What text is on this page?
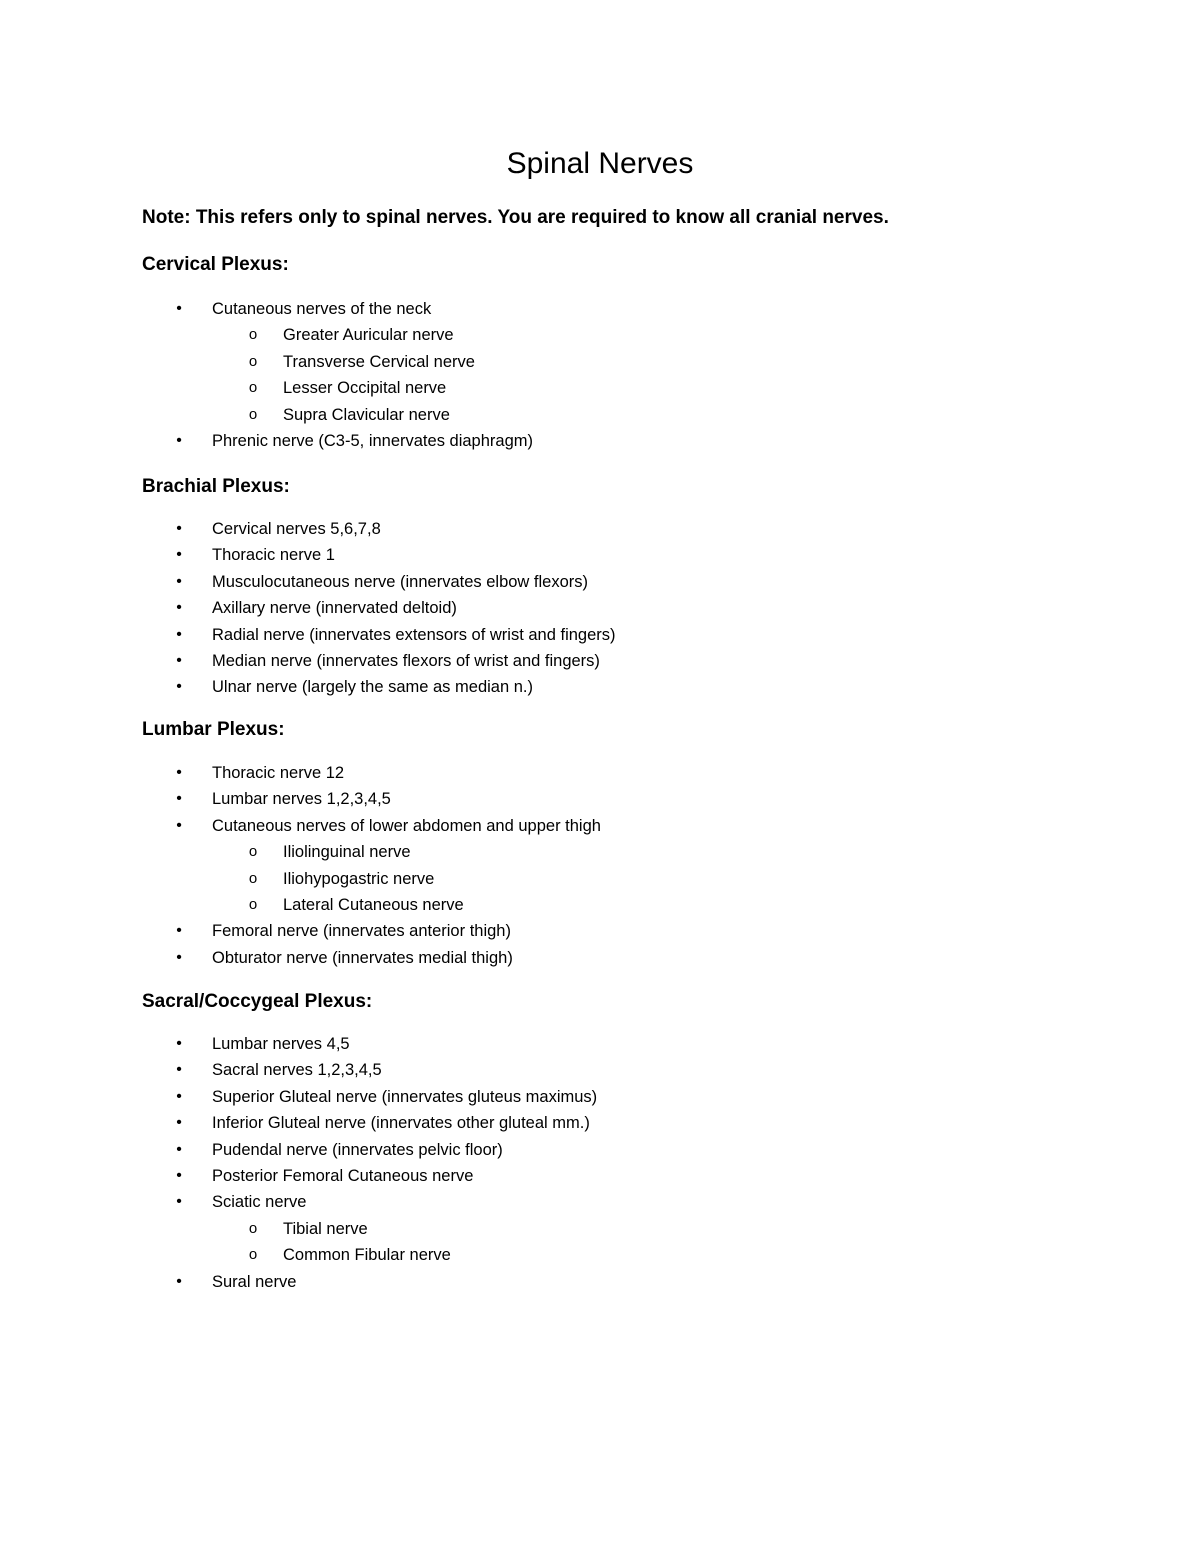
Spinal Nerves

Note: This refers only to spinal nerves. You are required to know all cranial nerves.

Cervical Plexus:
• Cutaneous nerves of the neck
o Greater Auricular nerve
o Transverse Cervical nerve
o Lesser Occipital nerve
o Supra Clavicular nerve
• Phrenic nerve (C3-5, innervates diaphragm)
Brachial Plexus:
• Cervical nerves 5,6,7,8
• Thoracic nerve 1
• Musculocutaneous nerve (innervates elbow flexors)
• Axillary nerve (innervated deltoid)
• Radial nerve (innervates extensors of wrist and fingers)
• Median nerve (innervates flexors of wrist and fingers)
• Ulnar nerve (largely the same as median n.)
Lumbar Plexus:
• Thoracic nerve 12
• Lumbar nerves 1,2,3,4,5
• Cutaneous nerves of lower abdomen and upper thigh
o Iliolinguinal nerve
o Iliohypogastric nerve
o Lateral Cutaneous nerve
• Femoral nerve (innervates anterior thigh)
• Obturator nerve (innervates medial thigh)
Sacral/Coccygeal Plexus:
• Lumbar nerves 4,5
• Sacral nerves 1,2,3,4,5
• Superior Gluteal nerve (innervates gluteus maximus)
• Inferior Gluteal nerve (innervates other gluteal mm.)
• Pudendal nerve (innervates pelvic floor)
• Posterior Femoral Cutaneous nerve
• Sciatic nerve
o Tibial nerve
o Common Fibular nerve
• Sural nerve
